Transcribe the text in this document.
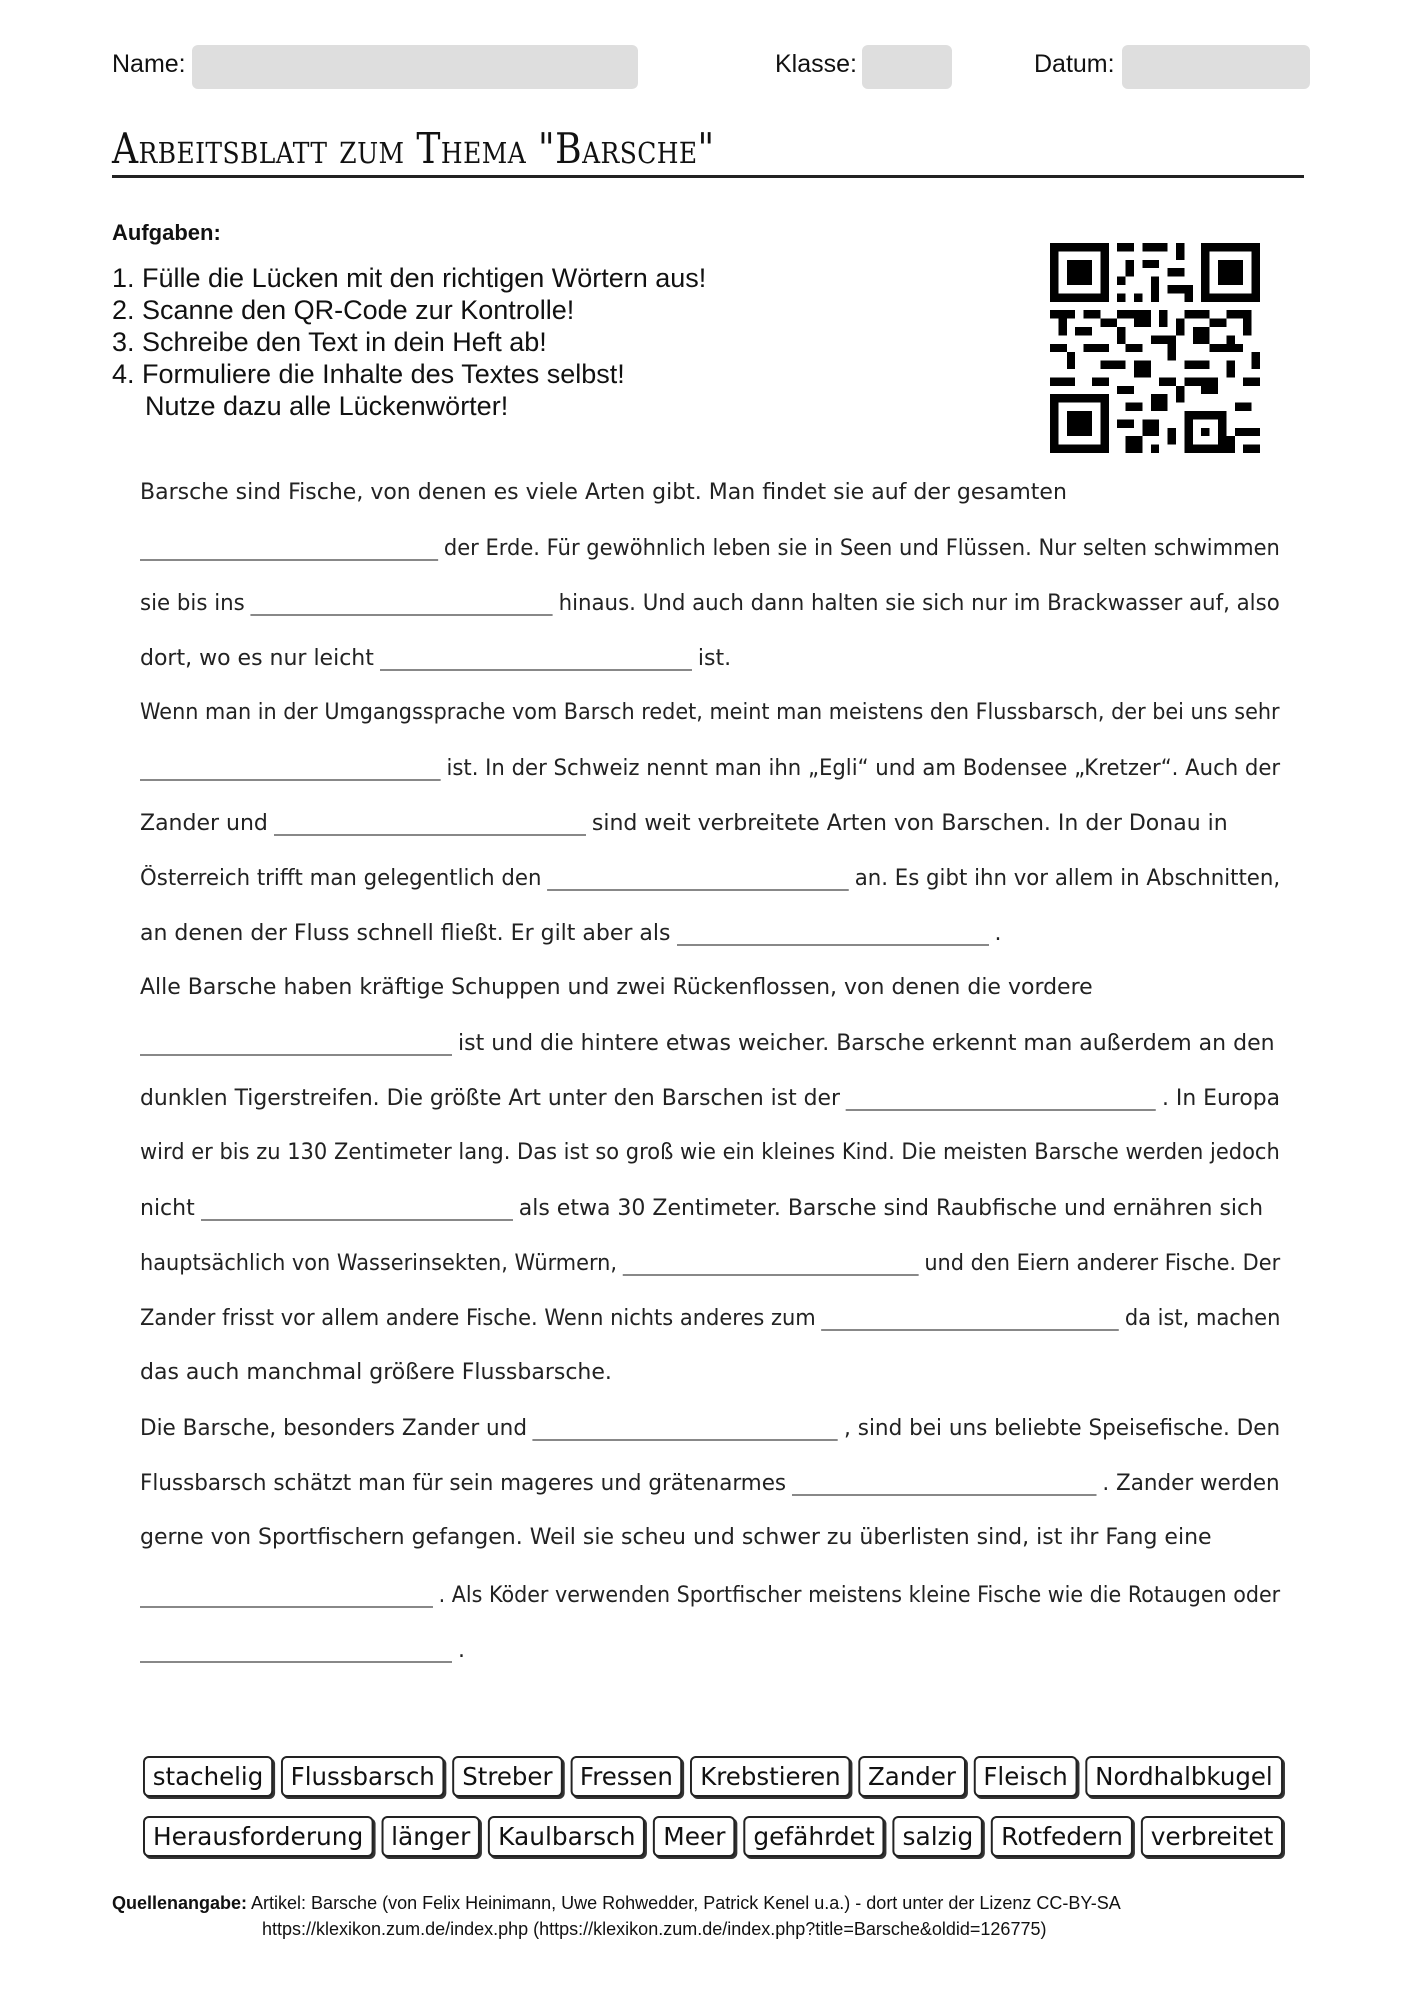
Name:	Klasse:	Datum:
Arbeitsblatt zum Thema "Barsche"
Aufgaben:
1. Fülle die Lücken mit den richtigen Wörtern aus!
2. Scanne den QR-Code zur Kontrolle!
3. Schreibe den Text in dein Heft ab!
4. Formuliere die Inhalte des Textes selbst!
Nutze dazu alle Lückenwörter!
Barsche sind Fische, von denen es viele Arten gibt. Man findet sie auf der gesamten
der Erde. Für gewöhnlich leben sie in Seen und Flüssen. Nur selten schwimmen
sie bis ins	hinaus. Und auch dann halten sie sich nur im Brackwasser auf, also
dort, wo es nur leicht	ist.
Wenn man in der Umgangssprache vom Barsch redet, meint man meistens den Flussbarsch, der bei uns sehr
ist. In der Schweiz nennt man ihn „Egli“ und am Bodensee „Kretzer“. Auch der
Zander und	sind weit verbreitete Arten von Barschen. In der Donau in
Österreich trifft man gelegentlich den	an. Es gibt ihn vor allem in Abschnitten,
an denen der Fluss schnell fließt. Er gilt aber als	.
Alle Barsche haben kräftige Schuppen und zwei Rückenflossen, von denen die vordere
ist und die hintere etwas weicher. Barsche erkennt man außerdem an den
dunklen Tigerstreifen. Die größte Art unter den Barschen ist der	. In Europa
wird er bis zu 130 Zentimeter lang. Das ist so groß wie ein kleines Kind. Die meisten Barsche werden jedoch
nicht	als etwa 30 Zentimeter. Barsche sind Raubfische und ernähren sich
hauptsächlich von Wasserinsekten, Würmern,	und den Eiern anderer Fische. Der
Zander frisst vor allem andere Fische. Wenn nichts anderes zum	da ist, machen
das auch manchmal größere Flussbarsche.
Die Barsche, besonders Zander und	, sind bei uns beliebte Speisefische. Den
Flussbarsch schätzt man für sein mageres und grätenarmes	. Zander werden
gerne von Sportfischern gefangen. Weil sie scheu und schwer zu überlisten sind, ist ihr Fang eine
. Als Köder verwenden Sportfischer meistens kleine Fische wie die Rotaugen oder
.
stachelig	Flussbarsch	Streber	Fressen	Krebstieren	Zander	Fleisch	Nordhalbkugel
Herausforderung	länger	Kaulbarsch	Meer	gefährdet	salzig	Rotfedern	verbreitet
Quellenangabe: Artikel: Barsche (von Felix Heinimann, Uwe Rohwedder, Patrick Kenel u.a.) - dort unter der Lizenz CC-BY-SA
https://klexikon.zum.de/index.php (https://klexikon.zum.de/index.php?title=Barsche&oldid=126775)
